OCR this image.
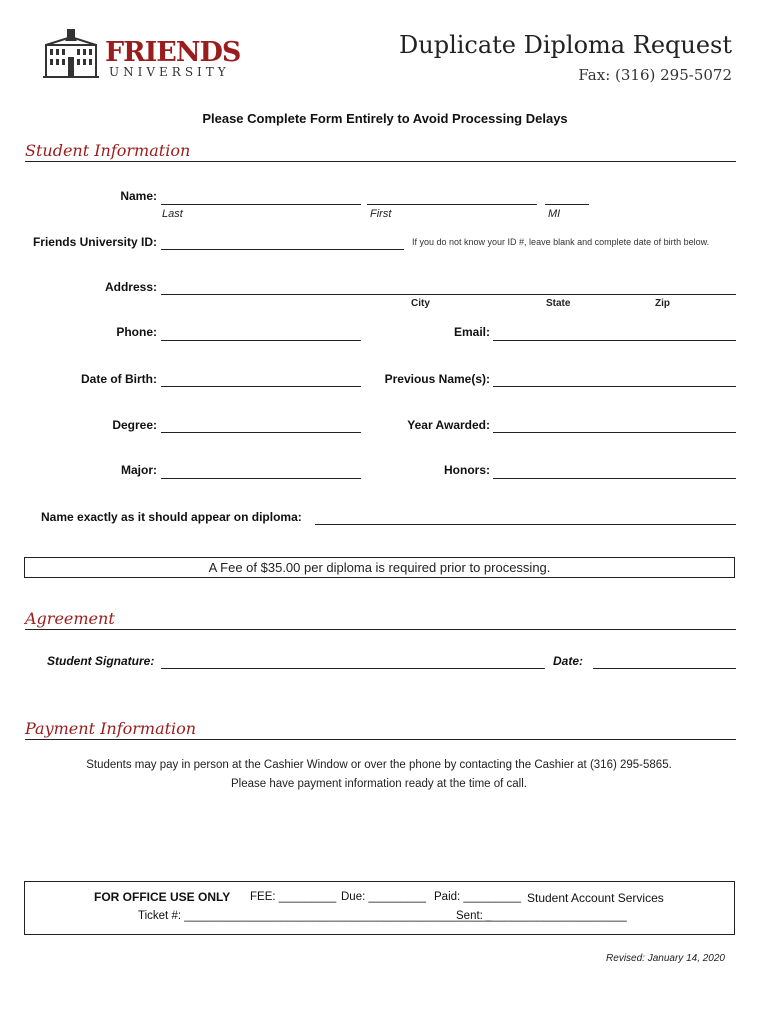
FRIENDS
UNIVERSITY
Duplicate Diploma Request
Fax: (316) 295-5072
Please Complete Form Entirely to Avoid Processing Delays
Student Information
Name:
Last	First	MI
Friends University ID:	If you do not know your ID #, leave blank and complete date of birth below.
Address:
City	State	Zip
Phone:	Email:
Date of Birth:	Previous Name(s):
Degree:	Year Awarded:
Major:	Honors:
Name exactly as it should appear on diploma:
A Fee of $35.00 per diploma is required prior to processing.
Agreement
Student Signature:	Date:
Payment Information
Students may pay in person at the Cashier Window or over the phone by contacting the Cashier at (316) 295-5865.
Please have payment information ready at the time of call.
FOR OFFICE USE ONLY FEE: _________ Due: _________ Paid: _________ Student Account Services
Ticket #: ________________________________________________
Sent: ______________________
Revised: January 14, 2020
